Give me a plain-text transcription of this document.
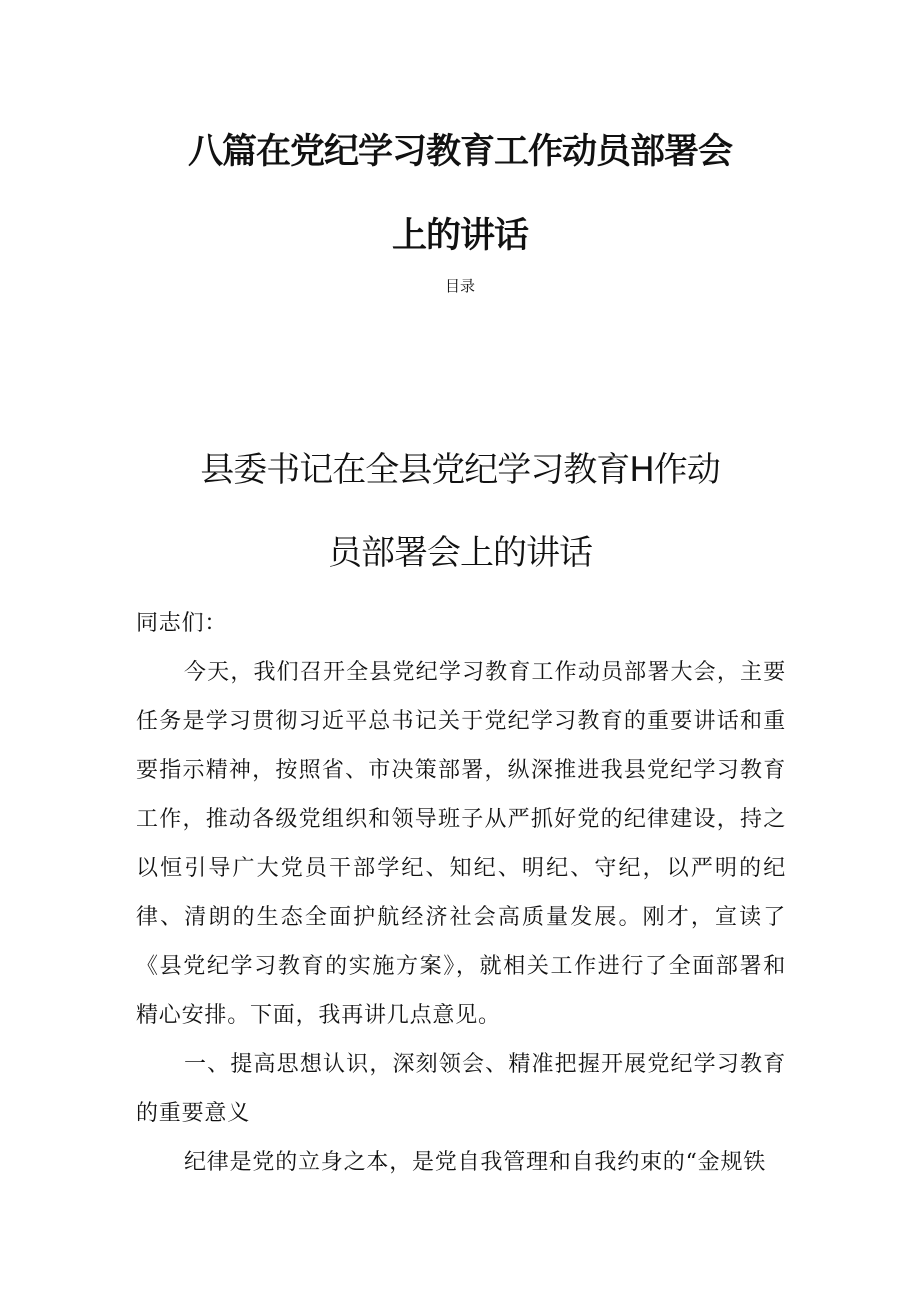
八篇在党纪学习教育工作动员部署会
上的讲话
目录
县委书记在全县党纪学习教育H作动
员部署会上的讲话

同志们：

今天，我们召开全县党纪学习教育工作动员部署大会，主要任务是学习贯彻习近平总书记关于党纪学习教育的重要讲话和重要指示精神，按照省、市决策部署，纵深推进我县党纪学习教育工作，推动各级党组织和领导班子从严抓好党的纪律建设，持之以恒引导广大党员干部学纪、知纪、明纪、守纪，以严明的纪律、清朗的生态全面护航经济社会高质量发展。刚才，宣读了《县党纪学习教育的实施方案》，就相关工作进行了全面部署和精心安排。下面，我再讲几点意见。

一、提高思想认识，深刻领会、精准把握开展党纪学习教育的重要意义

纪律是党的立身之本，是党自我管理和自我约束的“金规铁
